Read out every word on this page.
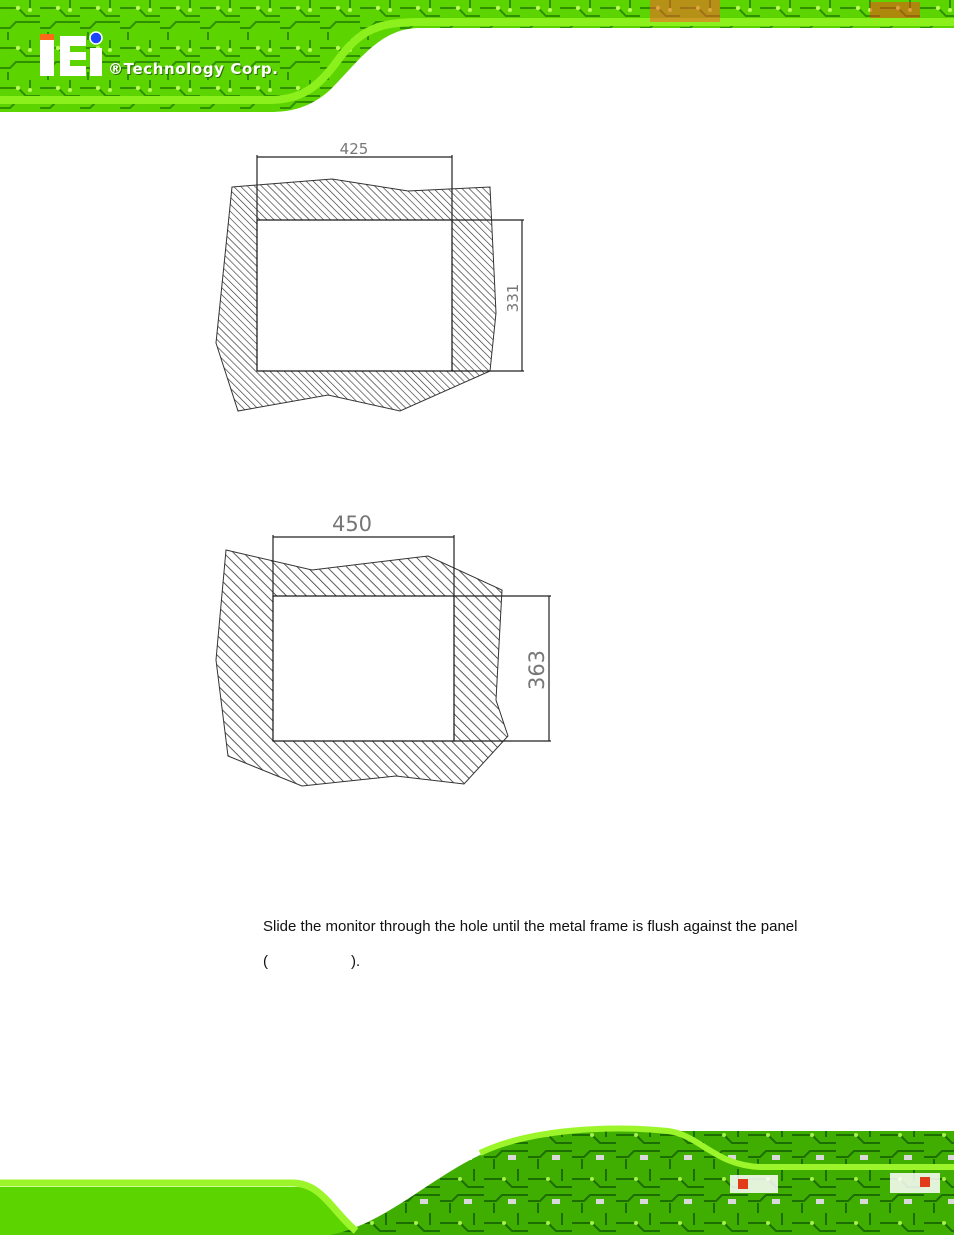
®Technology Corp.
425
331
450
363
Slide the monitor through the hole until the metal frame is flush against the panel
(	).
